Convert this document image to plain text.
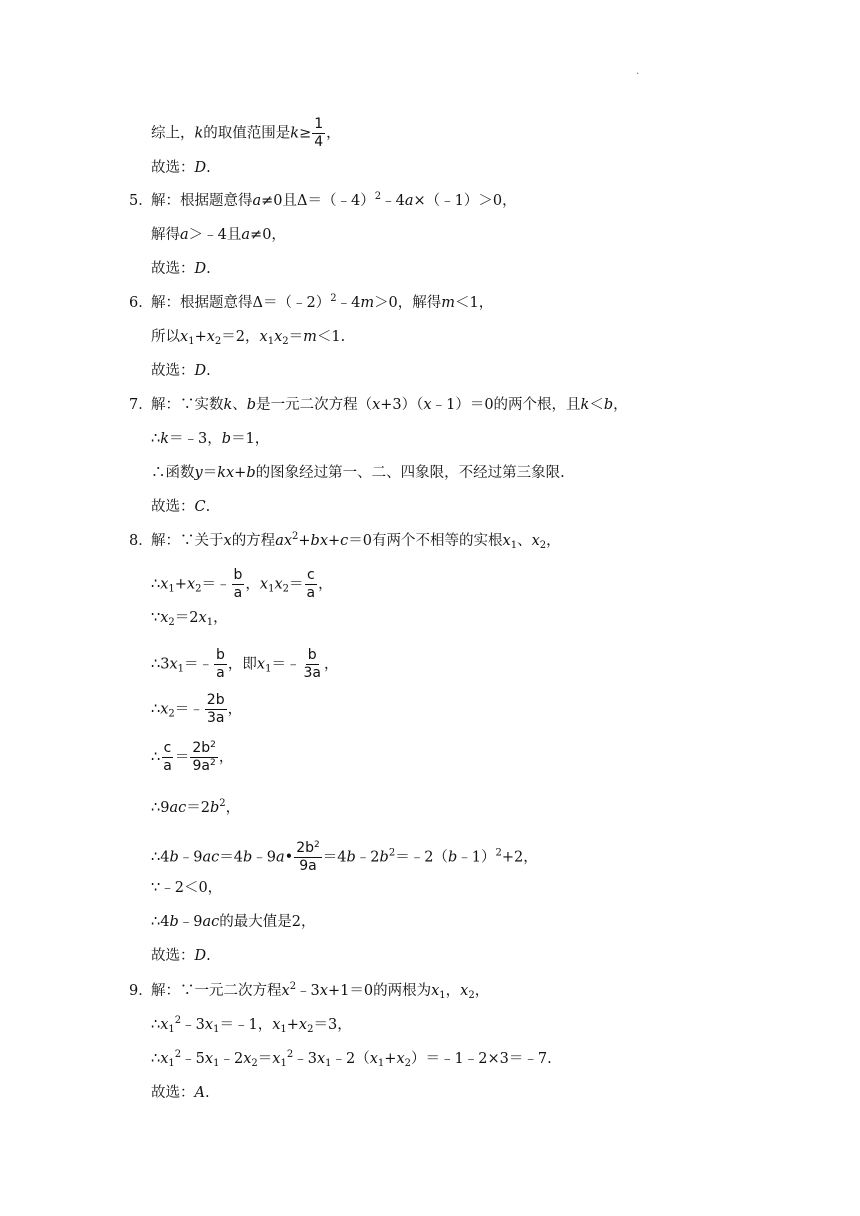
.
综上，k的取值范围是$k\ge \frac{1}{4}$ ，
故选：D.
5．
解：根据题意得a≠0且Δ＝（﹣4）$^2$﹣4a×（﹣1）＞0，
解得a＞﹣4且a≠0，
故选：D.
6．
解：根据题意得Δ＝（﹣2）$^2$﹣4m＞0，解得m＜1，
所以$x_1+x_2=2$，$x_1x_2=m<1$.
故选：D.
7．
解：∵实数k、b是一元二次方程（x+3）（x﹣1）＝0的两个根，且k＜b，
∴k＝﹣3，b＝1，
∴函数y＝kx+b的图象经过第一、二、四象限，不经过第三象限.
故选：C.
8．
解：∵关于x的方程$ax^2+bx+c=0$有两个不相等的实根$x_1$、$x_2$，
$\therefore x_1+x_2=﹣ \frac{b}{a}$ ，$x_1x_2= \frac{c}{a}$ ，
$\because x_2=2x_1$，
$\therefore 3x_1=﹣ \frac{b}{a}$ ，即$x_1=﹣ \frac{b}{3a}$ ，
$\therefore x_2=﹣ \frac{2b}{3a}$ ，
∴ $\frac{c}{a} = \frac{2b^2}{9a^2}$ ，
$\therefore 9ac=2b^2$，
∴4b﹣9ac＝4b﹣9a• $\frac{2b^2}{9a}$ $=4b﹣2b^2=﹣2(b﹣1)^2+2$，
∵﹣2＜0，
∴4b﹣9ac的最大值是2，
故选：D.
9．
解：∵一元二次方程$x^2﹣3x+1=0$的两根为$x_1$，$x_2$，
$\therefore x_1^2﹣3x_1=﹣1$，$x_1+x_2=3$，
$\therefore x_1^2﹣5x_1﹣2x_2=x_1^2﹣3x_1﹣2(x_1+x_2)=﹣1﹣2\times 3=﹣7$.
故选：A.
